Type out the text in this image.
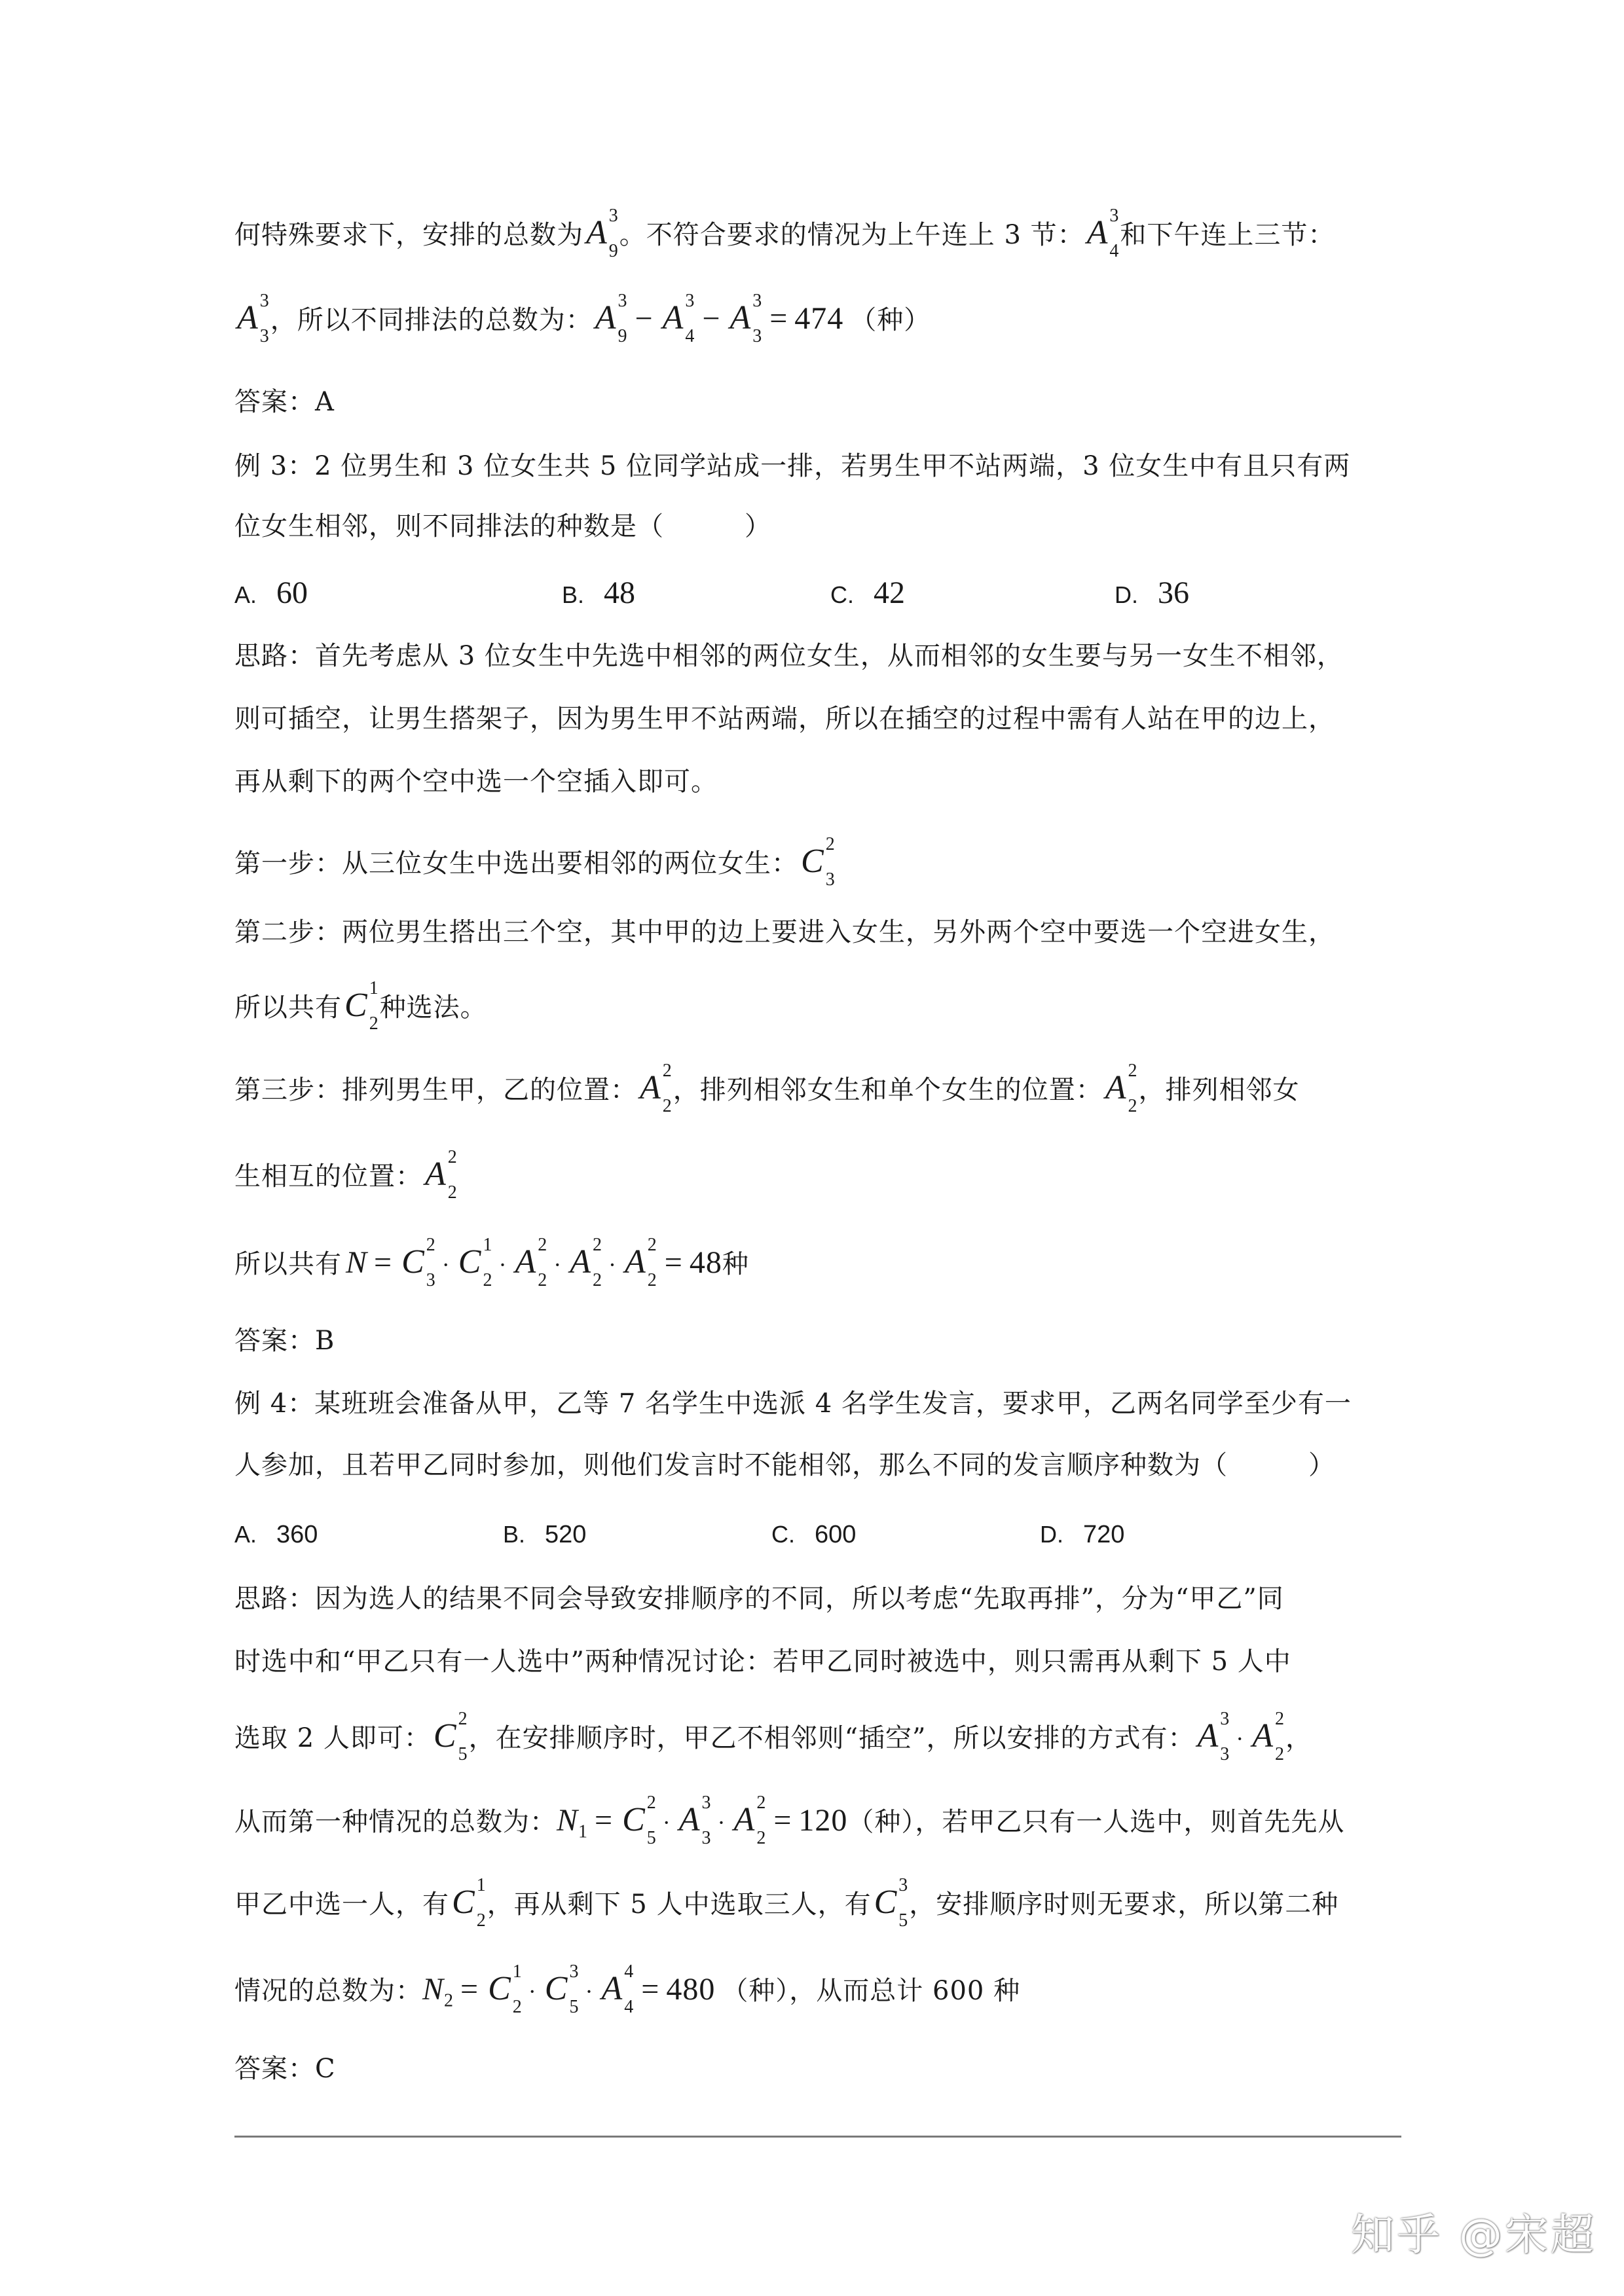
何特殊要求下，安排的总数为A 3
9
。不符合要求的情况为上午连上 3 节：A 3
4
和下午连上三节：
A 3
3
，所以不同排法的总数为：A 3
9
− A 3
4
− A 3
3
= 474 （种）
答案：A
例 3：2 位男生和 3 位女生共 5 位同学站成一排，若男生甲不站两端，3 位女生中有且只有两
位女生相邻，则不同排法的种数是（　　　）
A. 60	B. 48	C. 42	D. 36
思路：首先考虑从 3 位女生中先选中相邻的两位女生，从而相邻的女生要与另一女生不相邻，
则可插空，让男生搭架子，因为男生甲不站两端，所以在插空的过程中需有人站在甲的边上，
再从剩下的两个空中选一个空插入即可。
第一步：从三位女生中选出要相邻的两位女生：C 2
3
第二步：两位男生搭出三个空，其中甲的边上要进入女生，另外两个空中要选一个空进女生，
所以共有C 1
2
种选法。
第三步：排列男生甲，乙的位置：A 2
2
，排列相邻女生和单个女生的位置：A 2
2
，排列相邻女
生相互的位置：A 2
2
所以共有 N = C 2
3
· C 1
2
· A 2
2
· A 2
2
· A 2
2
= 48种
答案：B
例 4：某班班会准备从甲，乙等 7 名学生中选派 4 名学生发言，要求甲，乙两名同学至少有一
人参加，且若甲乙同时参加，则他们发言时不能相邻，那么不同的发言顺序种数为（　　　）
A. 360	B. 520	C. 600	D. 720
思路：因为选人的结果不同会导致安排顺序的不同，所以考虑“先取再排”，分为“甲乙”同
时选中和“甲乙只有一人选中”两种情况讨论：若甲乙同时被选中，则只需再从剩下 5 人中
选取 2 人即可：C 2
5
，在安排顺序时，甲乙不相邻则“插空”，所以安排的方式有：A 3
3
· A 2
2
，
从而第一种情况的总数为：$N_1 = C$ 2
5
· A 3
3
· A 2
2
= 120（种），若甲乙只有一人选中，则首先先从
甲乙中选一人，有C 1
2
，再从剩下 5 人中选取三人，有C 3
5
，安排顺序时则无要求，所以第二种
情况的总数为：$N_2 = C$ 1
2
· C 3
5
· A 4
4
= 480 （种），从而总计 600 种
答案：C
知乎 @宋超
